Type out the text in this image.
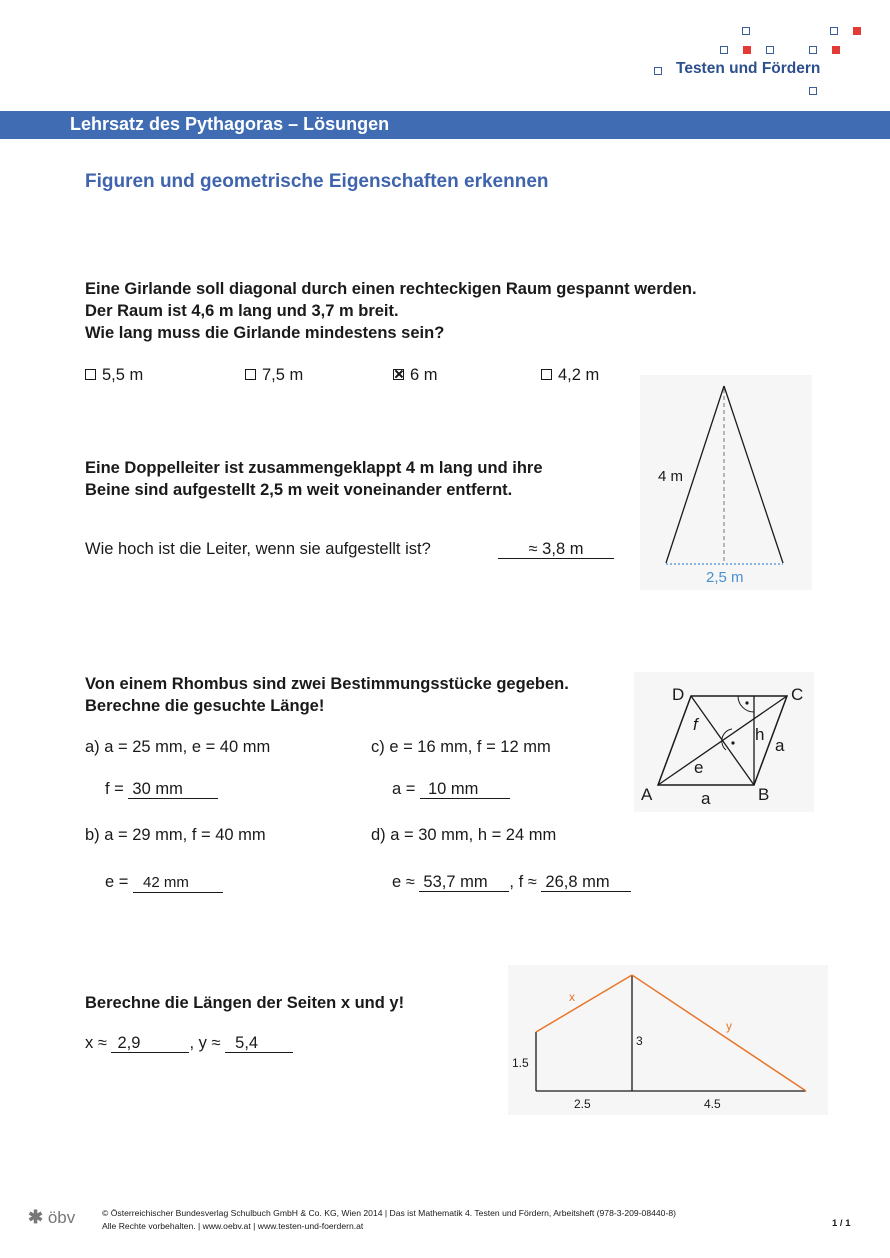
Testen und Fördern
Lehrsatz des Pythagoras – Lösungen
Figuren und geometrische Eigenschaften erkennen
Eine Girlande soll diagonal durch einen rechteckigen Raum gespannt werden.
Der Raum ist 4,6 m lang und 3,7 m breit.
Wie lang muss die Girlande mindestens sein?
5,5 m	7,5 m	6 m	4,2 m
Eine Doppelleiter ist zusammengeklappt 4 m lang und ihre
Beine sind aufgestellt 2,5 m weit voneinander entfernt.
Wie hoch ist die Leiter, wenn sie aufgestellt ist?	≈ 3,8 m
4 m
2,5 m
Von einem Rhombus sind zwei Bestimmungsstücke gegeben.
Berechne die gesuchte Länge!
a) a = 25 mm, e = 40 mm
f = 30 mm
b) a = 29 mm, f = 40 mm
e = 42 mm
c) e = 16 mm, f = 12 mm
a = 10 mm
d) a = 30 mm, h = 24 mm
e ≈ 53,7 mm , f ≈ 26,8 mm
D	C
A	B
f
h
a
e
a
Berechne die Längen der Seiten x und y!
x ≈ 2,9	, y ≈ 5,4
x
y
3
1.5
2.5	4.5
✱ öbv	© Österreichischer Bundesverlag Schulbuch GmbH & Co. KG, Wien 2014 | Das ist Mathematik 4. Testen und Fördern, Arbeitsheft (978-3-209-08440-8)
Alle Rechte vorbehalten. | www.oebv.at | www.testen-und-foerdern.at	1 / 1
